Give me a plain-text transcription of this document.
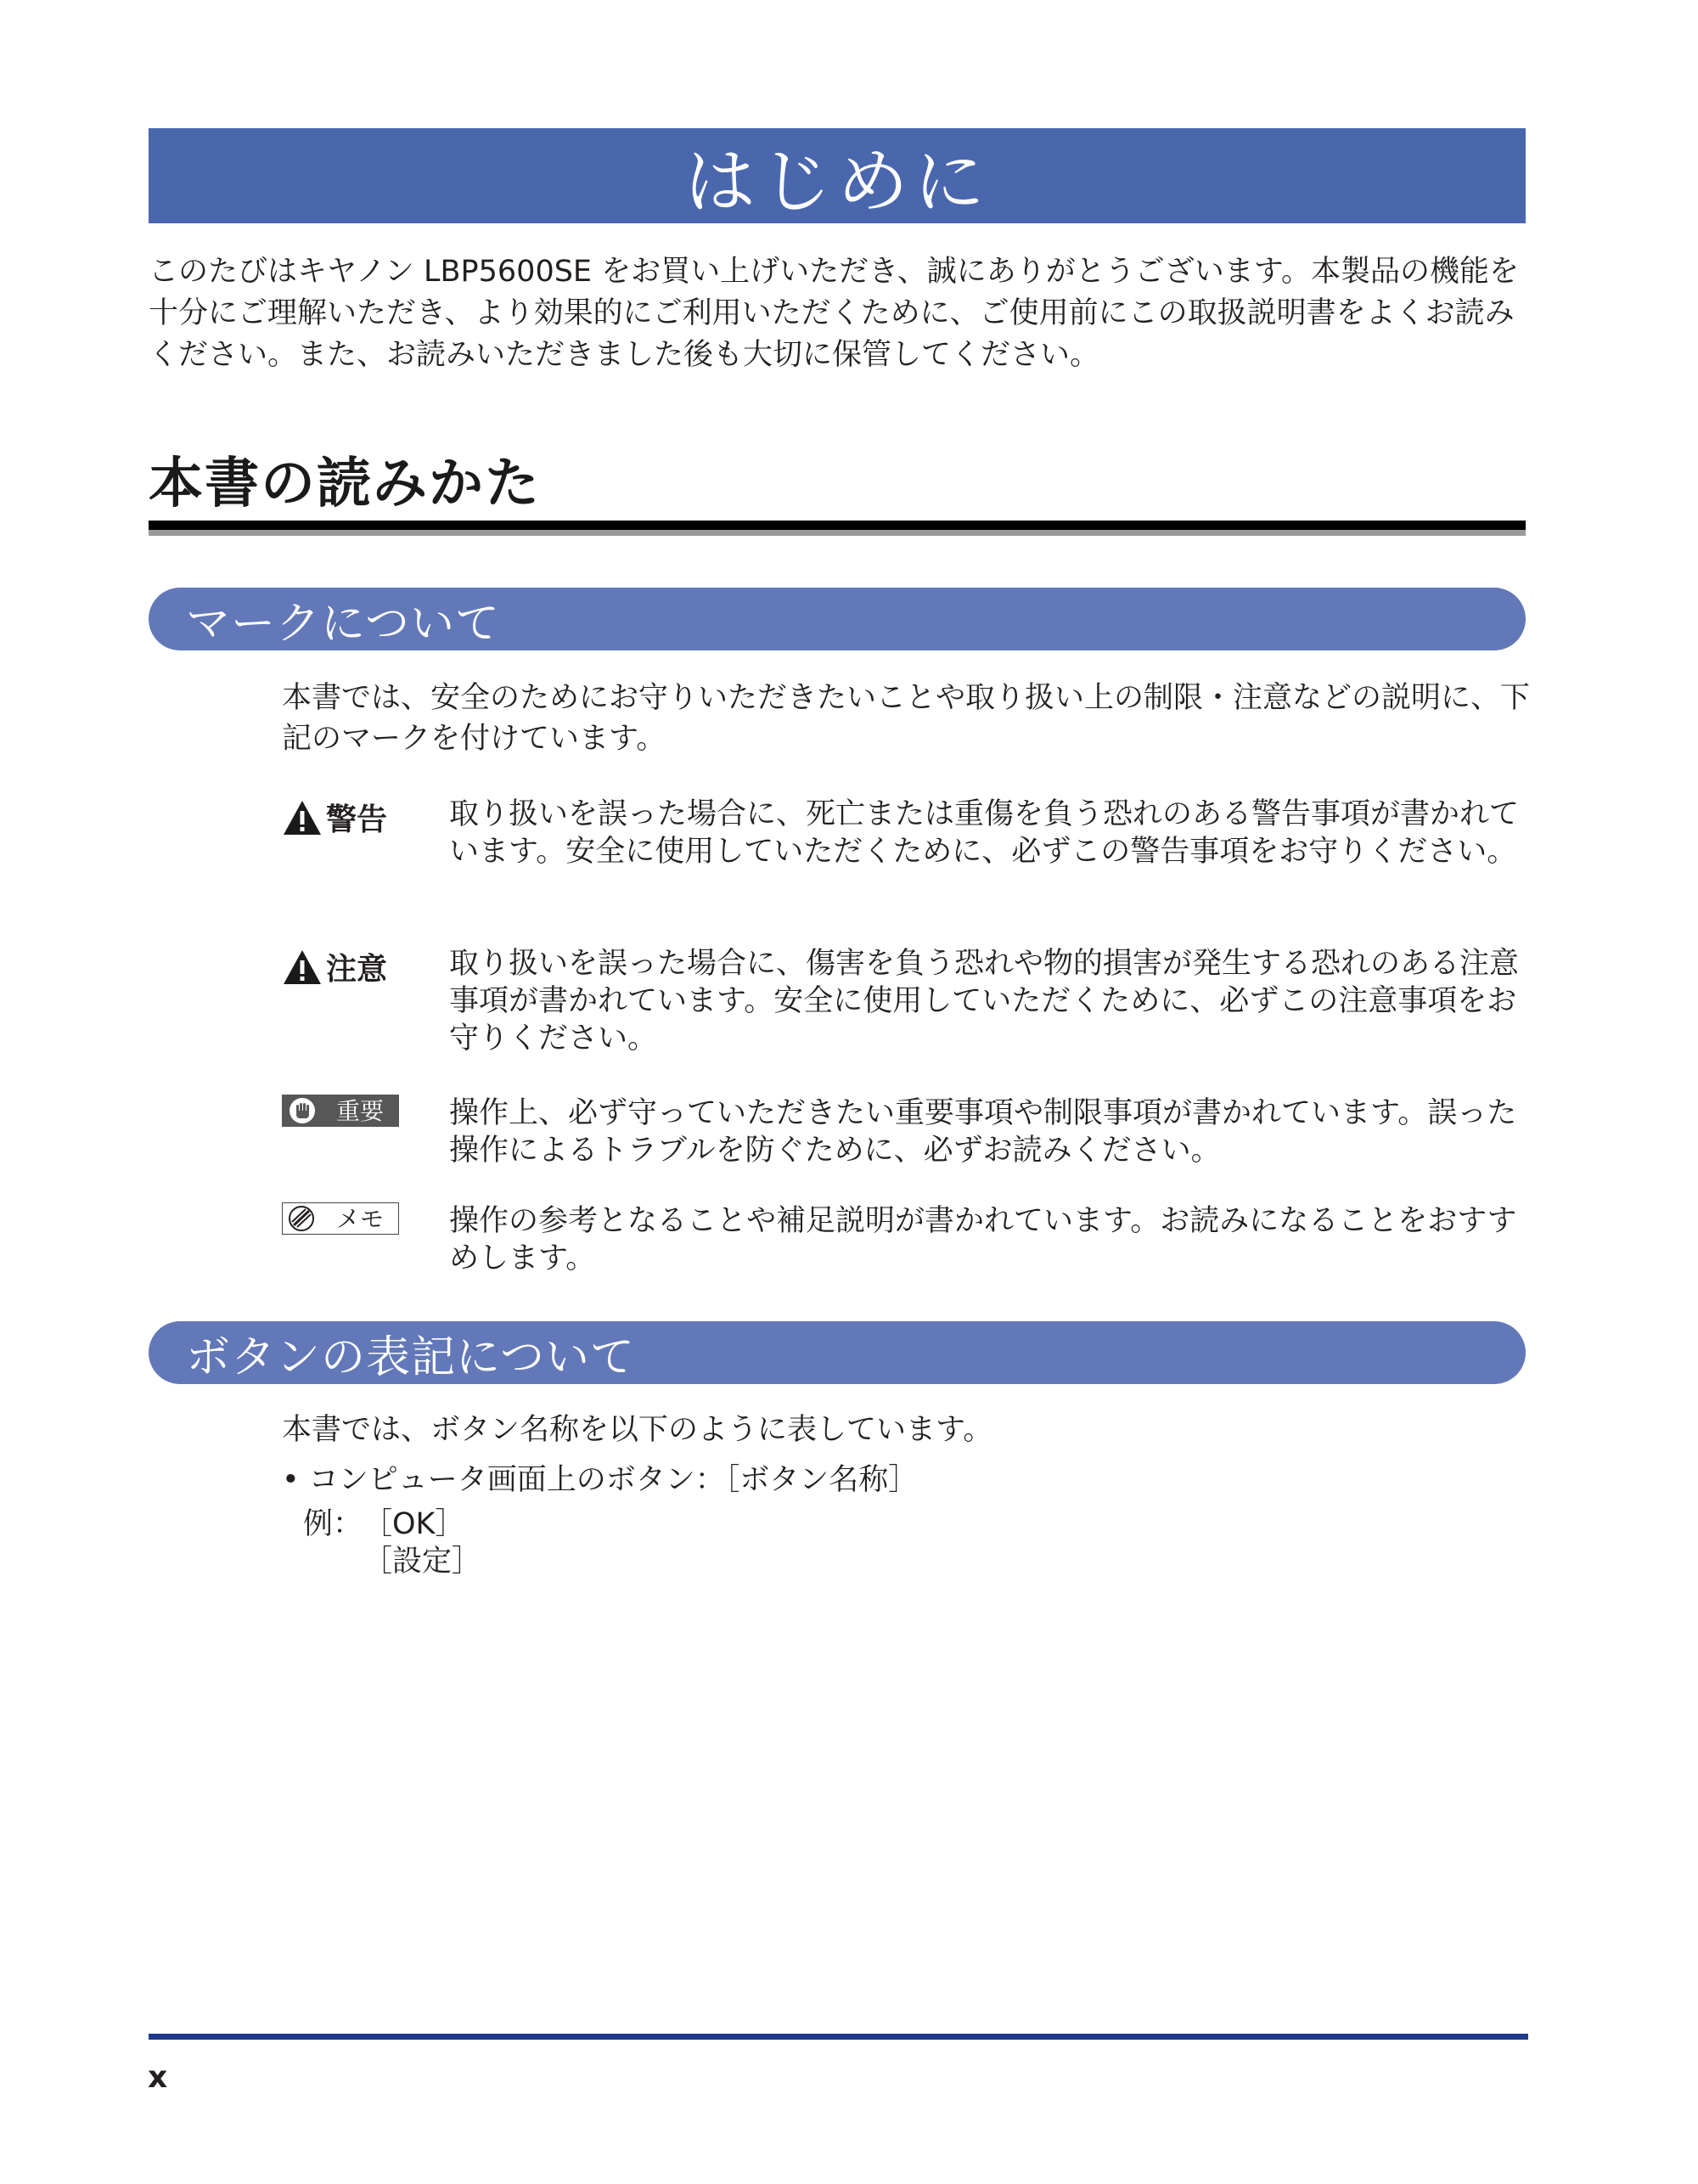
はじめに

このたびはキヤノン LBP5600SE をお買い上げいただき、誠にありがとうございます。本製品の機能を十分にご理解いただき、より効果的にご利用いただくために、ご使用前にこの取扱説明書をよくお読みください。また、お読みいただきました後も大切に保管してください。

本書の読みかた
マークについて

本書では、安全のためにお守りいただきたいことや取り扱い上の制限・注意などの説明に、下記のマークを付けています。

警告 取り扱いを誤った場合に、死亡または重傷を負う恐れのある警告事項が書かれています。安全に使用していただくために、必ずこの警告事項をお守りください。

注意 取り扱いを誤った場合に、傷害を負う恐れや物的損害が発生する恐れのある注意事項が書かれています。安全に使用していただくために、必ずこの注意事項をお守りください。

重要	操作上、必ず守っていただきたい重要事項や制限事項が書かれています。誤った操作によるトラブルを防ぐために、必ずお読みください。

メモ	操作の参考となることや補足説明が書かれています。お読みになることをおすすめします。

ボタンの表記について

本書では、ボタン名称を以下のように表しています。

• コンピュータ画面上のボタン：［ボタン名称］

例： ［OK］
［設定］
x
